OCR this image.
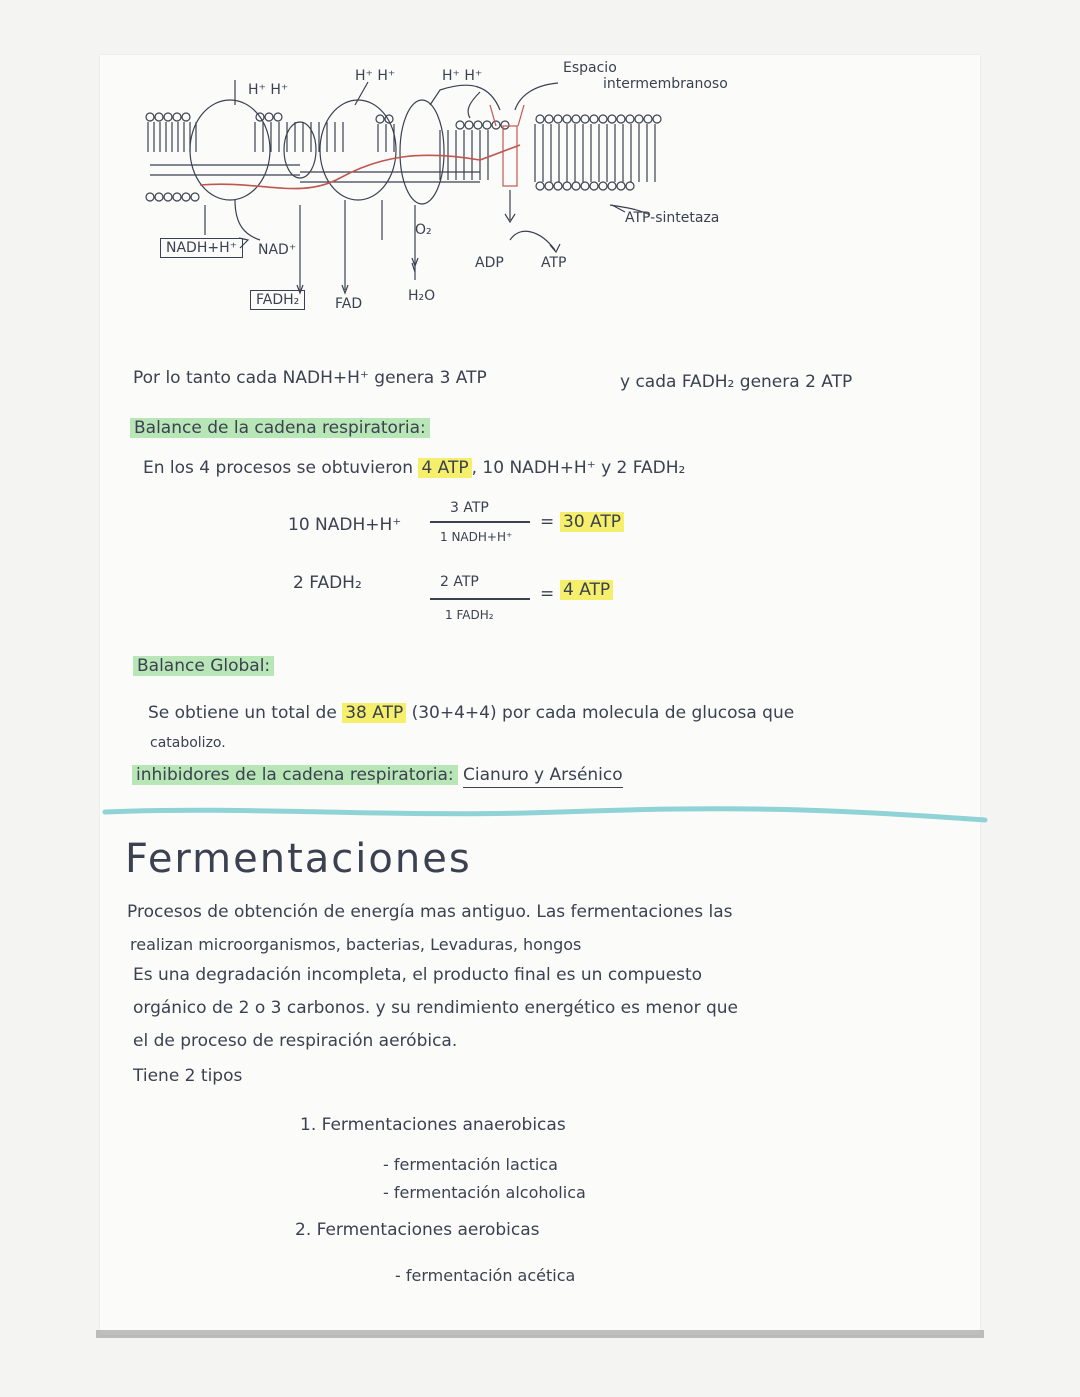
H⁺ H⁺
H⁺ H⁺	H⁺ H⁺	Espacio
intermembranoso
ATP-sintetaza
NADH+H⁺	NAD⁺
FADH₂	FAD
O₂
H₂O
ADP	ATP
Por lo tanto cada NADH+H⁺ genera 3 ATP	y cada FADH₂ genera 2 ATP
Balance de la cadena respiratoria:
En los 4 procesos se obtuvieron 4 ATP , 10 NADH+H⁺ y 2 FADH₂
10 NADH+H⁺
3 ATP
1 NADH+H⁺
= 30 ATP
2 FADH₂	2 ATP
1 FADH₂
= 4 ATP
Balance Global:
Se obtiene un total de 38 ATP (30+4+4) por cada molecula de glucosa que
catabolizo.
inhibidores de la cadena respiratoria: Cianuro y Arsénico
Fermentaciones
Procesos de obtención de energía mas antiguo. Las fermentaciones las
realizan microorganismos, bacterias, Levaduras, hongos
Es una degradación incompleta, el producto final es un compuesto
orgánico de 2 o 3 carbonos. y su rendimiento energético es menor que
el de proceso de respiración aeróbica.
Tiene 2 tipos
1. Fermentaciones anaerobicas
- fermentación lactica
- fermentación alcoholica
2. Fermentaciones aerobicas
- fermentación acética
